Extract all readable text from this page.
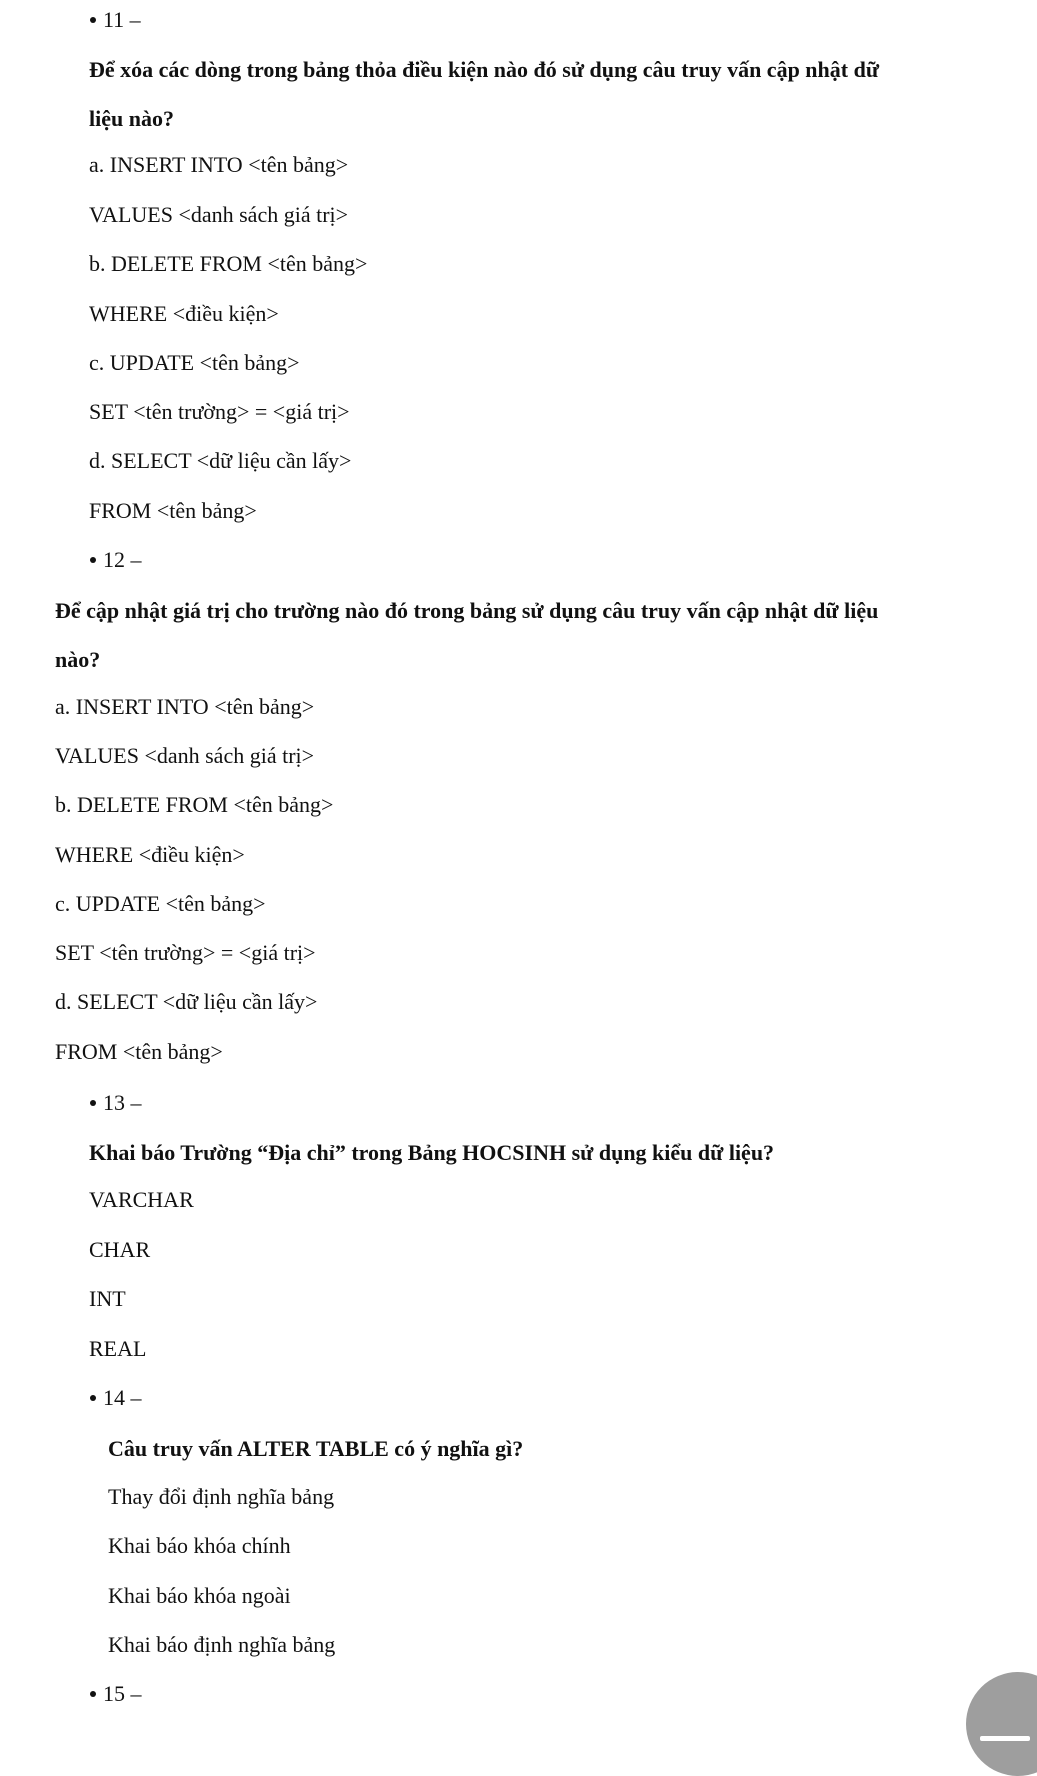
11 –
Để xóa các dòng trong bảng thỏa điều kiện nào đó sử dụng câu truy vấn cập nhật dữ
liệu nào?
a. INSERT INTO <tên bảng>
VALUES <danh sách giá trị>
b. DELETE FROM <tên bảng>
WHERE <điều kiện>
c. UPDATE <tên bảng>
SET <tên trường> = <giá trị>
d. SELECT <dữ liệu cần lấy>
FROM <tên bảng>
12 –
Để cập nhật giá trị cho trường nào đó trong bảng sử dụng câu truy vấn cập nhật dữ liệu
nào?
a. INSERT INTO <tên bảng>
VALUES <danh sách giá trị>
b. DELETE FROM <tên bảng>
WHERE <điều kiện>
c. UPDATE <tên bảng>
SET <tên trường> = <giá trị>
d. SELECT <dữ liệu cần lấy>
FROM <tên bảng>
13 –
Khai báo Trường “Địa chỉ” trong Bảng HOCSINH sử dụng kiểu dữ liệu?
VARCHAR
CHAR
INT
REAL
14 –
Câu truy vấn ALTER TABLE có ý nghĩa gì?
Thay đổi định nghĩa bảng
Khai báo khóa chính
Khai báo khóa ngoài
Khai báo định nghĩa bảng
15 –
